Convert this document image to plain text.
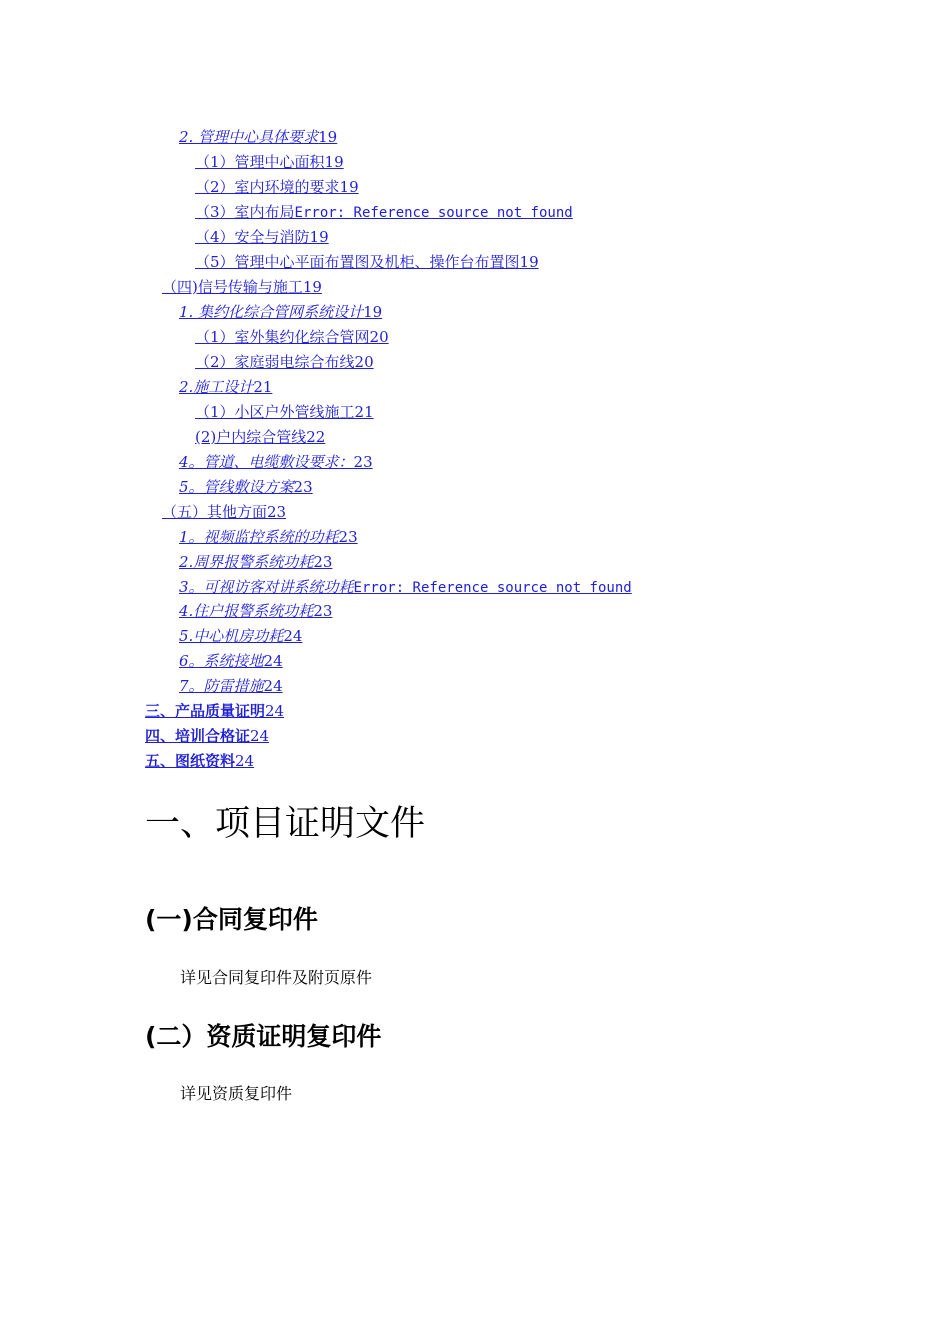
2. 管理中心具体要求19
（1）管理中心面积19
（2）室内环境的要求19
（3）室内布局Error: Reference source not found
（4）安全与消防19
（5）管理中心平面布置图及机柜、操作台布置图19
（四)信号传输与施工19
1. 集约化综合管网系统设计19
（1）室外集约化综合管网20
（2）家庭弱电综合布线20
2.施工设计21
（1）小区户外管线施工21
(2)户内综合管线22
4。管道、电缆敷设要求：23
5。管线敷设方案23
（五）其他方面23
1。视频监控系统的功耗23
2.周界报警系统功耗23
3。可视访客对讲系统功耗Error: Reference source not found
4.住户报警系统功耗23
5.中心机房功耗24
6。系统接地24
7。防雷措施24
三、产品质量证明24
四、培训合格证24
五、图纸资料24
一、项目证明文件
(一)合同复印件
详见合同复印件及附页原件
(二）资质证明复印件
详见资质复印件
